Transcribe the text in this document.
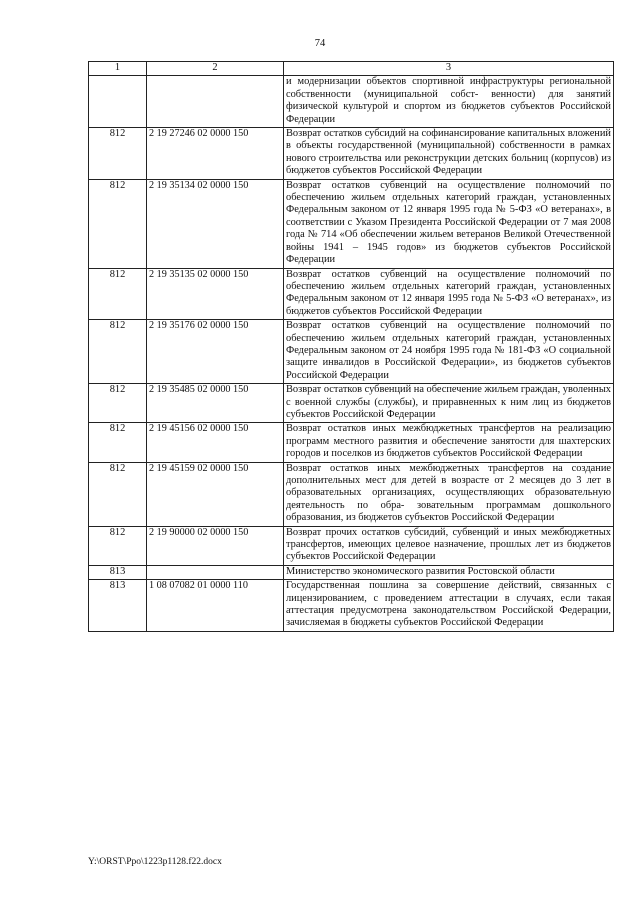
74
1	2	3
		и модернизации объектов спортивной инфраструктуры региональной собственности (муниципальной собст- венности) для занятий физической культурой и спортом из бюджетов субъектов Российской Федерации
812	2 19 27246 02 0000 150	Возврат остатков субсидий на софинансирование капитальных вложений в объекты государственной (муниципальной) собственности в рамках нового строительства или реконструкции детских больниц (корпусов) из бюджетов субъектов Российской Федерации
812	2 19 35134 02 0000 150	Возврат остатков субвенций на осуществление полномочий по обеспечению жильем отдельных категорий граждан, установленных Федеральным законом от 12 января 1995 года № 5-ФЗ «О ветеранах», в соответствии с Указом Президента Российской Федерации от 7 мая 2008 года № 714 «Об обеспечении жильем ветеранов Великой Отечественной войны 1941 – 1945 годов» из бюджетов субъектов Российской Федерации
812	2 19 35135 02 0000 150	Возврат остатков субвенций на осуществление полномочий по обеспечению жильем отдельных категорий граждан, установленных Федеральным законом от 12 января 1995 года № 5-ФЗ «О ветеранах», из бюджетов субъектов Российской Федерации
812	2 19 35176 02 0000 150	Возврат остатков субвенций на осуществление полномочий по обеспечению жильем отдельных категорий граждан, установленных Федеральным законом от 24 ноября 1995 года № 181-ФЗ «О социальной защите инвалидов в Российской Федерации», из бюджетов субъектов Российской Федерации
812	2 19 35485 02 0000 150	Возврат остатков субвенций на обеспечение жильем граждан, уволенных с военной службы (службы), и приравненных к ним лиц из бюджетов субъектов Российской Федерации
812	2 19 45156 02 0000 150	Возврат остатков иных межбюджетных трансфертов на реализацию программ местного развития и обеспечение занятости для шахтерских городов и поселков из бюджетов субъектов Российской Федерации
812	2 19 45159 02 0000 150	Возврат остатков иных межбюджетных трансфертов на создание дополнительных мест для детей в возрасте от 2 месяцев до 3 лет в образовательных организациях, осуществляющих образовательную деятельность по обра- зовательным программам дошкольного образования, из бюджетов субъектов Российской Федерации
812	2 19 90000 02 0000 150	Возврат прочих остатков субсидий, субвенций и иных межбюджетных трансфертов, имеющих целевое назначение, прошлых лет из бюджетов субъектов Российской Федерации
813		Министерство экономического развития Ростовской области
813	1 08 07082 01 0000 110	Государственная пошлина за совершение действий, связанных с лицензированием, с проведением аттестации в случаях, если такая аттестация предусмотрена законодательством Российской Федерации, зачисляемая в бюджеты субъектов Российской Федерации
Y:\ORST\Ppo\1223p1128.f22.docx
